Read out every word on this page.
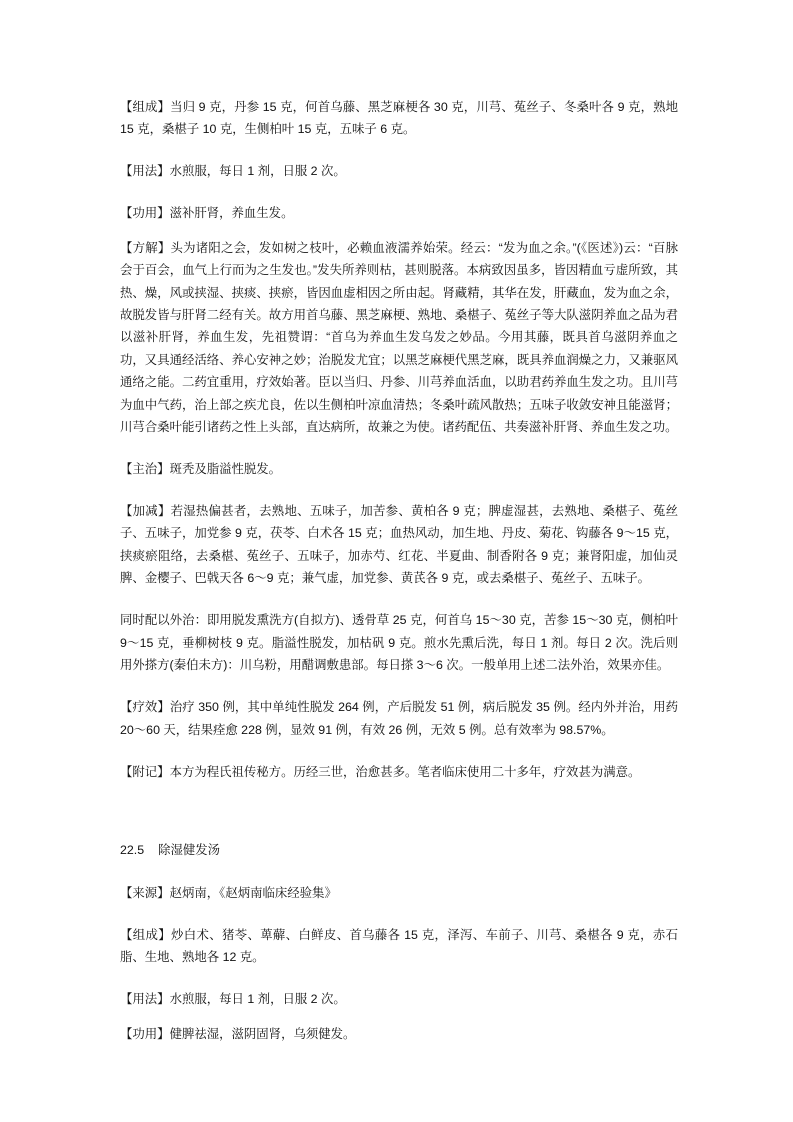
【组成】当归 9 克，丹参 15 克，何首乌藤、黑芝麻梗各 30 克，川芎、菟丝子、冬桑叶各 9 克，熟地 15 克，桑椹子 10 克，生侧柏叶 15 克，五味子 6 克。

【用法】水煎服，每日 1 剂，日服 2 次。

【功用】滋补肝肾，养血生发。

【方解】头为诸阳之会，发如树之枝叶，必赖血液濡养始荣。经云：“发为血之余。”(《医述》)云：“百脉会于百会，血气上行而为之生发也。”发失所养则枯，甚则脱落。本病致因虽多，皆因精血亏虚所致，其热、燥，风或挟湿、挟痰、挟瘀，皆因血虚相因之所由起。肾藏精，其华在发，肝藏血，发为血之余，故脱发皆与肝肾二经有关。故方用首乌藤、黑芝麻梗、熟地、桑椹子、菟丝子等大队滋阴养血之品为君以滋补肝肾，养血生发，先祖赞谓：“首乌为养血生发乌发之妙品。今用其藤，既具首乌滋阴养血之功，又具通经活络、养心安神之妙；治脱发尤宜；以黑芝麻梗代黑芝麻，既具养血润燥之力，又兼驱风通络之能。二药宜重用，疗效始著。臣以当归、丹参、川芎养血活血，以助君药养血生发之功。且川芎为血中气药，治上部之疾尤良，佐以生侧柏叶凉血清热；冬桑叶疏风散热；五味子收敛安神且能滋肾；川芎合桑叶能引诸药之性上头部，直达病所，故兼之为使。诸药配伍、共奏滋补肝肾、养血生发之功。

【主治】斑秃及脂溢性脱发。

【加减】若湿热偏甚者，去熟地、五味子，加苦参、黄柏各 9 克；脾虚湿甚，去熟地、桑椹子、菟丝子、五味子，加党参 9 克，茯苓、白术各 15 克；血热风动，加生地、丹皮、菊花、钩藤各 9～15 克，挟痰瘀阻络，去桑椹、菟丝子、五味子，加赤芍、红花、半夏曲、制香附各 9 克；兼肾阳虚，加仙灵脾、金樱子、巴戟天各 6～9 克；兼气虚，加党参、黄芪各 9 克，或去桑椹子、菟丝子、五味子。

同时配以外治：即用脱发熏洗方(自拟方)、透骨草 25 克，何首乌 15～30 克，苦参 15～30 克，侧柏叶 9～15 克，垂柳树枝 9 克。脂溢性脱发，加枯矾 9 克。煎水先熏后洗，每日 1 剂。每日 2 次。洗后则用外搽方(秦伯未方)：川乌粉，用醋调敷患部。每日搽 3～6 次。一般单用上述二法外治，效果亦佳。

【疗效】治疗 350 例，其中单纯性脱发 264 例，产后脱发 51 例，病后脱发 35 例。经内外并治，用药 20～60 天，结果痊愈 228 例，显效 91 例，有效 26 例，无效 5 例。总有效率为 98.57%。

【附记】本方为程氏祖传秘方。历经三世，治愈甚多。笔者临床使用二十多年，疗效甚为满意。

22.5 除湿健发汤

【来源】赵炳南，《赵炳南临床经验集》

【组成】炒白术、猪苓、萆薢、白鲜皮、首乌藤各 15 克，泽泻、车前子、川芎、桑椹各 9 克，赤石脂、生地、熟地各 12 克。

【用法】水煎服，每日 1 剂，日服 2 次。

【功用】健脾祛湿，滋阴固肾，乌须健发。
